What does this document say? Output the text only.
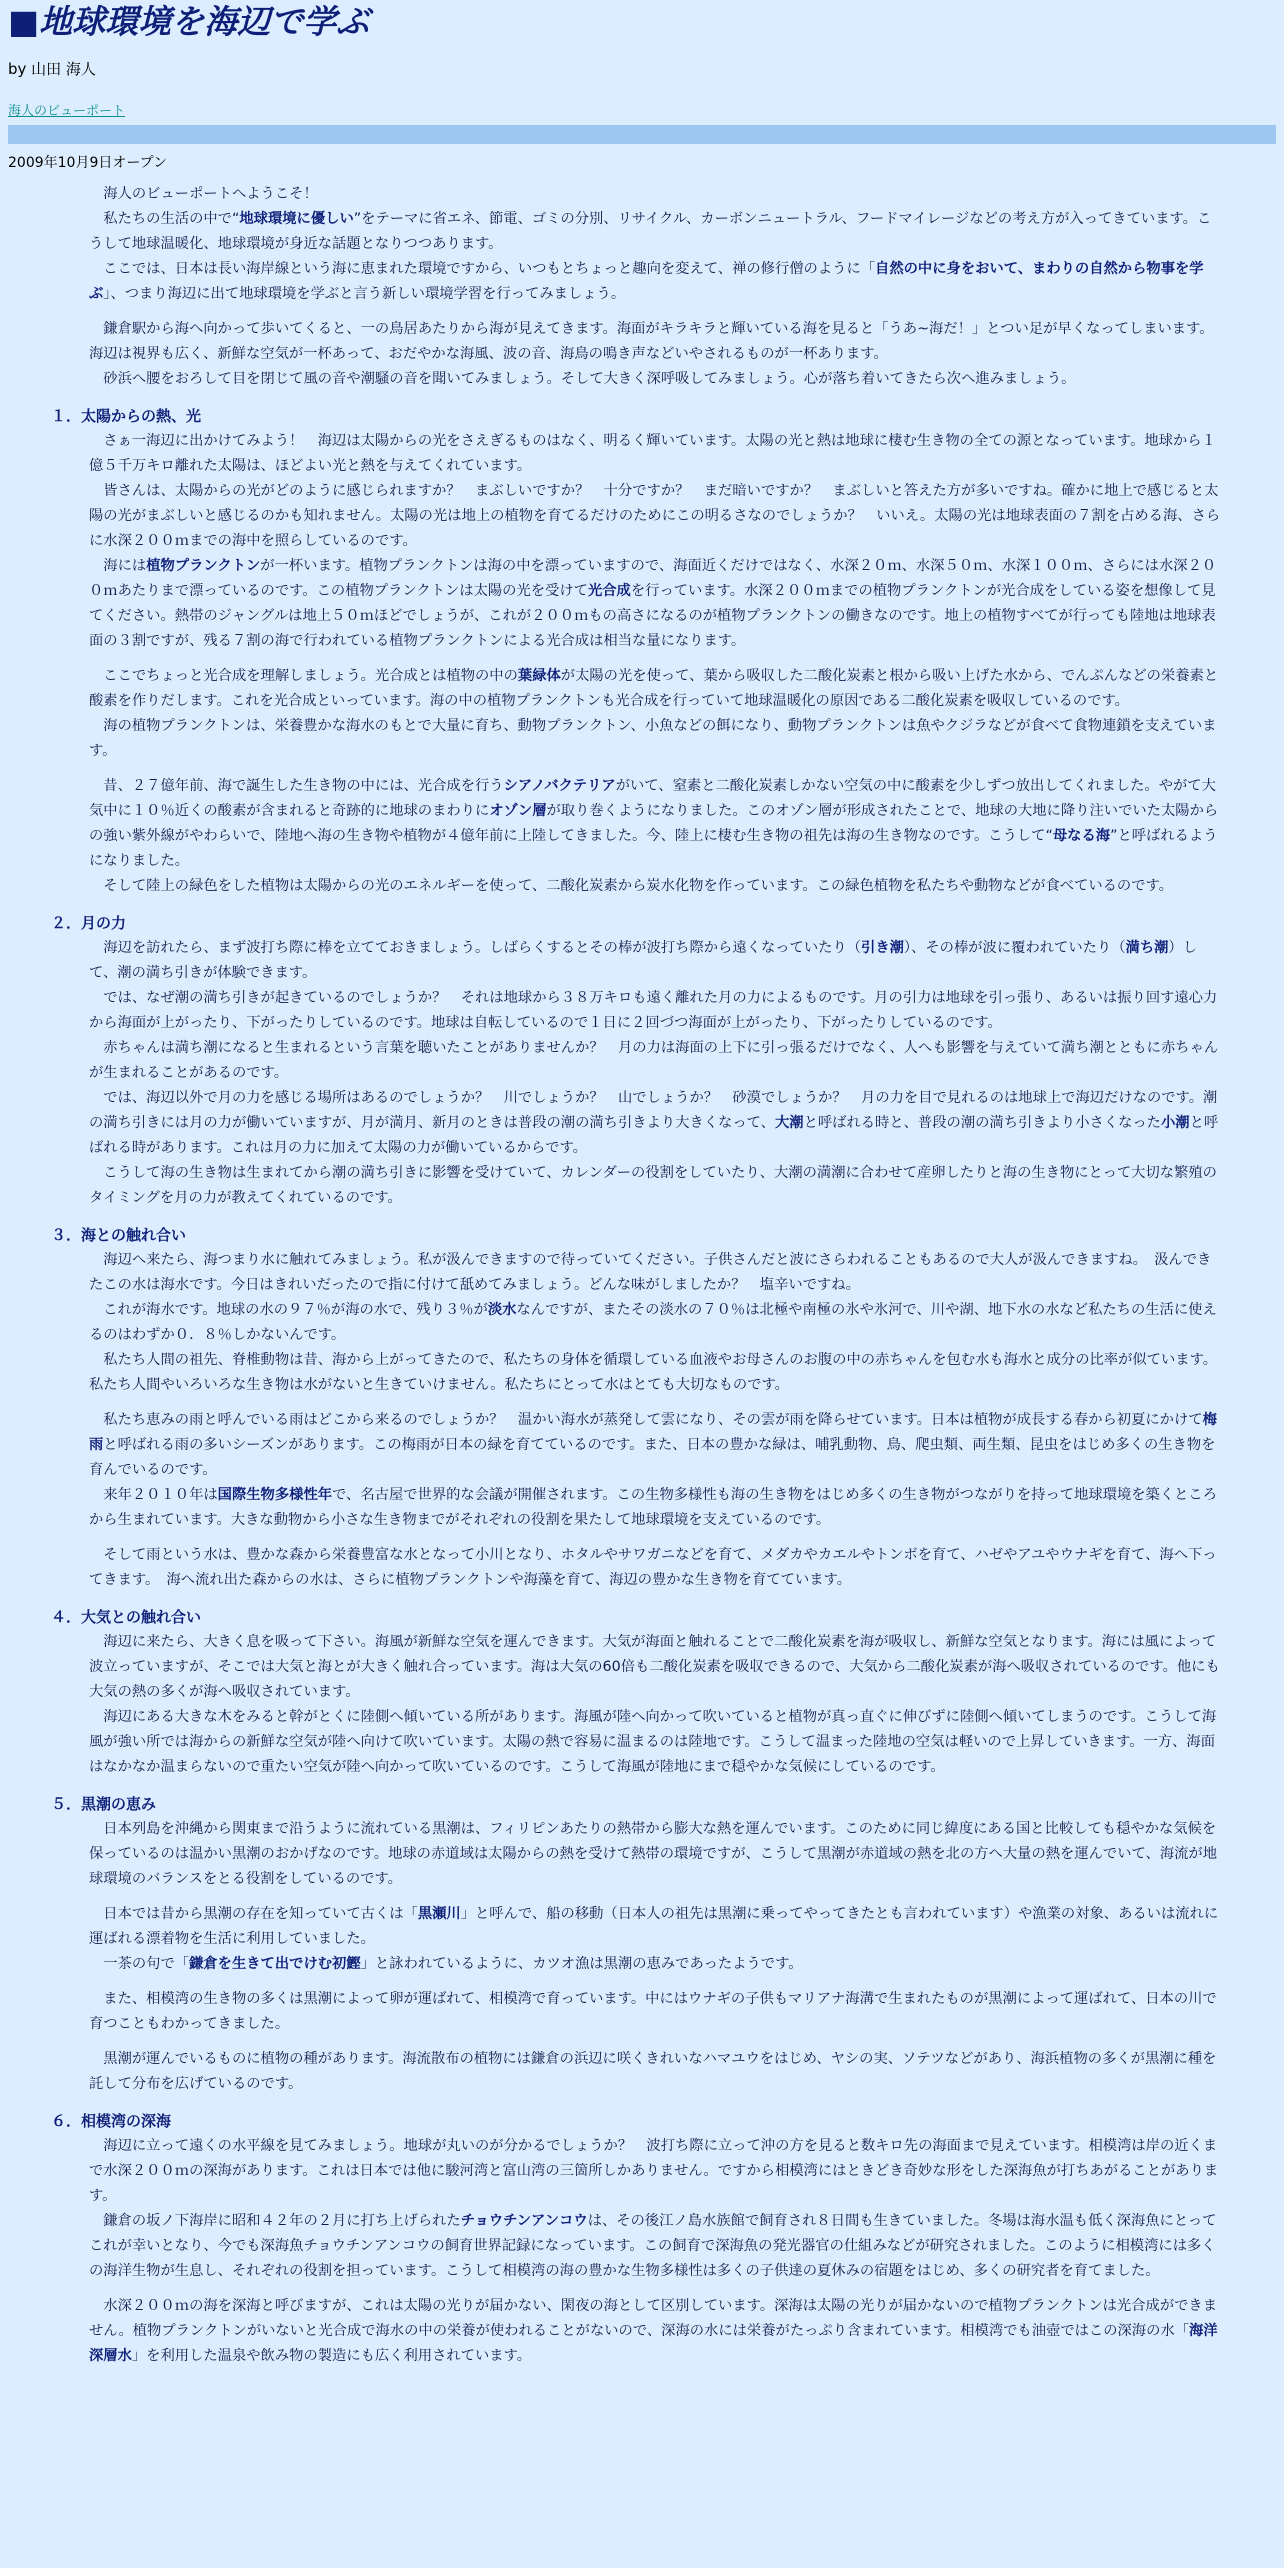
■地球環境を海辺で学ぶ
by 山田 海人
海人のビューポート
2009年10月9日オープン

海人のビューポートへようこそ！

私たちの生活の中で“地球環境に優しい”をテーマに省エネ、節電、ゴミの分別、リサイクル、カーボンニュートラル、フードマイレージなどの考え方が入ってきています。こうして地球温暖化、地球環境が身近な話題となりつつあります。

ここでは、日本は長い海岸線という海に恵まれた環境ですから、いつもとちょっと趣向を変えて、禅の修行僧のように「自然の中に身をおいて、まわりの自然から物事を学ぶ」、つまり海辺に出て地球環境を学ぶと言う新しい環境学習を行ってみましょう。

鎌倉駅から海へ向かって歩いてくると、一の鳥居あたりから海が見えてきます。海面がキラキラと輝いている海を見ると「うあ~海だ！」とつい足が早くなってしまいます。海辺は視界も広く、新鮮な空気が一杯あって、おだやかな海風、波の音、海鳥の鳴き声などいやされるものが一杯あります。

砂浜へ腰をおろして目を閉じて風の音や潮騒の音を聞いてみましょう。そして大きく深呼吸してみましょう。心が落ち着いてきたら次へ進みましょう。

１．太陽からの熱、光

さぁ一海辺に出かけてみよう！　海辺は太陽からの光をさえぎるものはなく、明るく輝いています。太陽の光と熱は地球に棲む生き物の全ての源となっています。地球から１億５千万キロ離れた太陽は、ほどよい光と熱を与えてくれています。

皆さんは、太陽からの光がどのように感じられますか？　まぶしいですか？　十分ですか？　まだ暗いですか？　まぶしいと答えた方が多いですね。確かに地上で感じると太陽の光がまぶしいと感じるのかも知れません。太陽の光は地上の植物を育てるだけのためにこの明るさなのでしょうか？　いいえ。太陽の光は地球表面の７割を占める海、さらに水深２００ｍまでの海中を照らしているのです。

海には植物プランクトンが一杯います。植物プランクトンは海の中を漂っていますので、海面近くだけではなく、水深２０ｍ、水深５０ｍ、水深１００ｍ、さらには水深２００ｍあたりまで漂っているのです。この植物プランクトンは太陽の光を受けて光合成を行っています。水深２００ｍまでの植物プランクトンが光合成をしている姿を想像して見てください。熱帯のジャングルは地上５０ｍほどでしょうが、これが２００ｍもの高さになるのが植物プランクトンの働きなのです。地上の植物すべてが行っても陸地は地球表面の３割ですが、残る７割の海で行われている植物プランクトンによる光合成は相当な量になります。

ここでちょっと光合成を理解しましょう。光合成とは植物の中の葉緑体が太陽の光を使って、葉から吸収した二酸化炭素と根から吸い上げた水から、でんぷんなどの栄養素と酸素を作りだします。これを光合成といっています。海の中の植物プランクトンも光合成を行っていて地球温暖化の原因である二酸化炭素を吸収しているのです。

海の植物プランクトンは、栄養豊かな海水のもとで大量に育ち、動物プランクトン、小魚などの餌になり、動物プランクトンは魚やクジラなどが食べて食物連鎖を支えています。

昔、２７億年前、海で誕生した生き物の中には、光合成を行うシアノバクテリアがいて、窒素と二酸化炭素しかない空気の中に酸素を少しずつ放出してくれました。やがて大気中に１０％近くの酸素が含まれると奇跡的に地球のまわりにオゾン層が取り巻くようになりました。このオゾン層が形成されたことで、地球の大地に降り注いでいた太陽からの強い紫外線がやわらいで、陸地へ海の生き物や植物が４億年前に上陸してきました。今、陸上に棲む生き物の祖先は海の生き物なのです。こうして“母なる海”と呼ばれるようになりました。

そして陸上の緑色をした植物は太陽からの光のエネルギーを使って、二酸化炭素から炭水化物を作っています。この緑色植物を私たちや動物などが食べているのです。

２．月の力

海辺を訪れたら、まず波打ち際に棒を立てておきましょう。しばらくするとその棒が波打ち際から遠くなっていたり（引き潮）、その棒が波に覆われていたり（満ち潮）して、潮の満ち引きが体験できます。

では、なぜ潮の満ち引きが起きているのでしょうか？　それは地球から３８万キロも遠く離れた月の力によるものです。月の引力は地球を引っ張り、あるいは振り回す遠心力から海面が上がったり、下がったりしているのです。地球は自転しているので１日に２回づつ海面が上がったり、下がったりしているのです。

赤ちゃんは満ち潮になると生まれるという言葉を聴いたことがありませんか？　月の力は海面の上下に引っ張るだけでなく、人へも影響を与えていて満ち潮とともに赤ちゃんが生まれることがあるのです。

では、海辺以外で月の力を感じる場所はあるのでしょうか？　川でしょうか？　山でしょうか？　砂漠でしょうか？　月の力を目で見れるのは地球上で海辺だけなのです。潮の満ち引きには月の力が働いていますが、月が満月、新月のときは普段の潮の満ち引きより大きくなって、大潮と呼ばれる時と、普段の潮の満ち引きより小さくなった小潮と呼ばれる時があります。これは月の力に加えて太陽の力が働いているからです。

こうして海の生き物は生まれてから潮の満ち引きに影響を受けていて、カレンダーの役割をしていたり、大潮の満潮に合わせて産卵したりと海の生き物にとって大切な繁殖のタイミングを月の力が教えてくれているのです。

３．海との触れ合い

海辺へ来たら、海つまり水に触れてみましょう。私が汲んできますので待っていてください。子供さんだと波にさらわれることもあるので大人が汲んできますね。　汲んできたこの水は海水です。今日はきれいだったので指に付けて舐めてみましょう。どんな味がしましたか？　塩辛いですね。

これが海水です。地球の水の９７％が海の水で、残り３％が淡水なんですが、またその淡水の７０％は北極や南極の氷や氷河で、川や湖、地下水の水など私たちの生活に使えるのはわずか０．８％しかないんです。

私たち人間の祖先、脊椎動物は昔、海から上がってきたので、私たちの身体を循環している血液やお母さんのお腹の中の赤ちゃんを包む水も海水と成分の比率が似ています。私たち人間やいろいろな生き物は水がないと生きていけません。私たちにとって水はとても大切なものです。

私たち恵みの雨と呼んでいる雨はどこから来るのでしょうか？　温かい海水が蒸発して雲になり、その雲が雨を降らせています。日本は植物が成長する春から初夏にかけて梅雨と呼ばれる雨の多いシーズンがあります。この梅雨が日本の緑を育てているのです。また、日本の豊かな緑は、哺乳動物、鳥、爬虫類、両生類、昆虫をはじめ多くの生き物を育んでいるのです。

来年２０１０年は国際生物多様性年で、名古屋で世界的な会議が開催されます。この生物多様性も海の生き物をはじめ多くの生き物がつながりを持って地球環境を築くところから生まれています。大きな動物から小さな生き物までがそれぞれの役割を果たして地球環境を支えているのです。

そして雨という水は、豊かな森から栄養豊富な水となって小川となり、ホタルやサワガニなどを育て、メダカやカエルやトンボを育て、ハゼやアユやウナギを育て、海へ下ってきます。　海へ流れ出た森からの水は、さらに植物プランクトンや海藻を育て、海辺の豊かな生き物を育てています。

４．大気との触れ合い

海辺に来たら、大きく息を吸って下さい。海風が新鮮な空気を運んできます。大気が海面と触れることで二酸化炭素を海が吸収し、新鮮な空気となります。海には風によって波立っていますが、そこでは大気と海とが大きく触れ合っています。海は大気の60倍も二酸化炭素を吸収できるので、大気から二酸化炭素が海へ吸収されているのです。他にも大気の熱の多くが海へ吸収されています。

海辺にある大きな木をみると幹がとくに陸側へ傾いている所があります。海風が陸へ向かって吹いていると植物が真っ直ぐに伸びずに陸側へ傾いてしまうのです。こうして海風が強い所では海からの新鮮な空気が陸へ向けて吹いています。太陽の熱で容易に温まるのは陸地です。こうして温まった陸地の空気は軽いので上昇していきます。一方、海面はなかなか温まらないので重たい空気が陸へ向かって吹いているのです。こうして海風が陸地にまで穏やかな気候にしているのです。

５．黒潮の恵み

日本列島を沖縄から関東まで沿うように流れている黒潮は、フィリピンあたりの熱帯から膨大な熱を運んでいます。このために同じ緯度にある国と比較しても穏やかな気候を保っているのは温かい黒潮のおかげなのです。地球の赤道域は太陽からの熱を受けて熱帯の環境ですが、こうして黒潮が赤道域の熱を北の方へ大量の熱を運んでいて、海流が地球環境のバランスをとる役割をしているのです。

日本では昔から黒潮の存在を知っていて古くは「黒瀬川」と呼んで、船の移動（日本人の祖先は黒潮に乗ってやってきたとも言われています）や漁業の対象、あるいは流れに運ばれる漂着物を生活に利用していました。

一茶の句で「鎌倉を生きて出でけむ初鰹」と詠われているように、カツオ漁は黒潮の恵みであったようです。

また、相模湾の生き物の多くは黒潮によって卵が運ばれて、相模湾で育っています。中にはウナギの子供もマリアナ海溝で生まれたものが黒潮によって運ばれて、日本の川で育つこともわかってきました。

黒潮が運んでいるものに植物の種があります。海流散布の植物には鎌倉の浜辺に咲くきれいなハマユウをはじめ、ヤシの実、ソテツなどがあり、海浜植物の多くが黒潮に種を託して分布を広げているのです。

６．相模湾の深海

海辺に立って遠くの水平線を見てみましょう。地球が丸いのが分かるでしょうか？　波打ち際に立って沖の方を見ると数キロ先の海面まで見えています。相模湾は岸の近くまで水深２００ｍの深海があります。これは日本では他に駿河湾と富山湾の三箇所しかありません。ですから相模湾にはときどき奇妙な形をした深海魚が打ちあがることがあります。

鎌倉の坂ノ下海岸に昭和４２年の２月に打ち上げられたチョウチンアンコウは、その後江ノ島水族館で飼育され８日間も生きていました。冬場は海水温も低く深海魚にとってこれが幸いとなり、今でも深海魚チョウチンアンコウの飼育世界記録になっています。この飼育で深海魚の発光器官の仕組みなどが研究されました。このように相模湾には多くの海洋生物が生息し、それぞれの役割を担っています。こうして相模湾の海の豊かな生物多様性は多くの子供達の夏休みの宿題をはじめ、多くの研究者を育てました。

水深２００ｍの海を深海と呼びますが、これは太陽の光りが届かない、閑夜の海として区別しています。深海は太陽の光りが届かないので植物プランクトンは光合成ができません。植物プランクトンがいないと光合成で海水の中の栄養が使われることがないので、深海の水には栄養がたっぷり含まれています。相模湾でも油壺ではこの深海の水「海洋深層水」を利用した温泉や飲み物の製造にも広く利用されています。
